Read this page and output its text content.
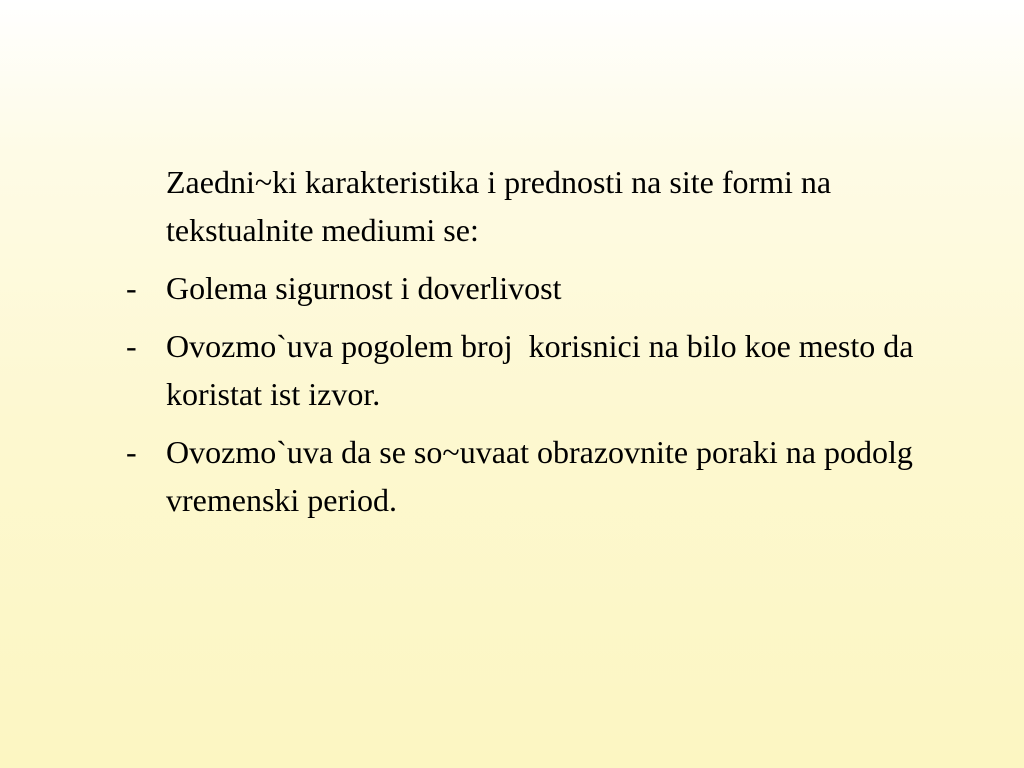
Zaedni~ki karakteristika i prednosti na site formi na tekstualnite mediumi se:

- Golema sigurnost i doverlivost

- Ovozmo`uva pogolem broj  korisnici na bilo koe mesto da koristat ist izvor.

- Ovozmo`uva da se so~uvaat obrazovnite poraki na podolg vremenski period.
